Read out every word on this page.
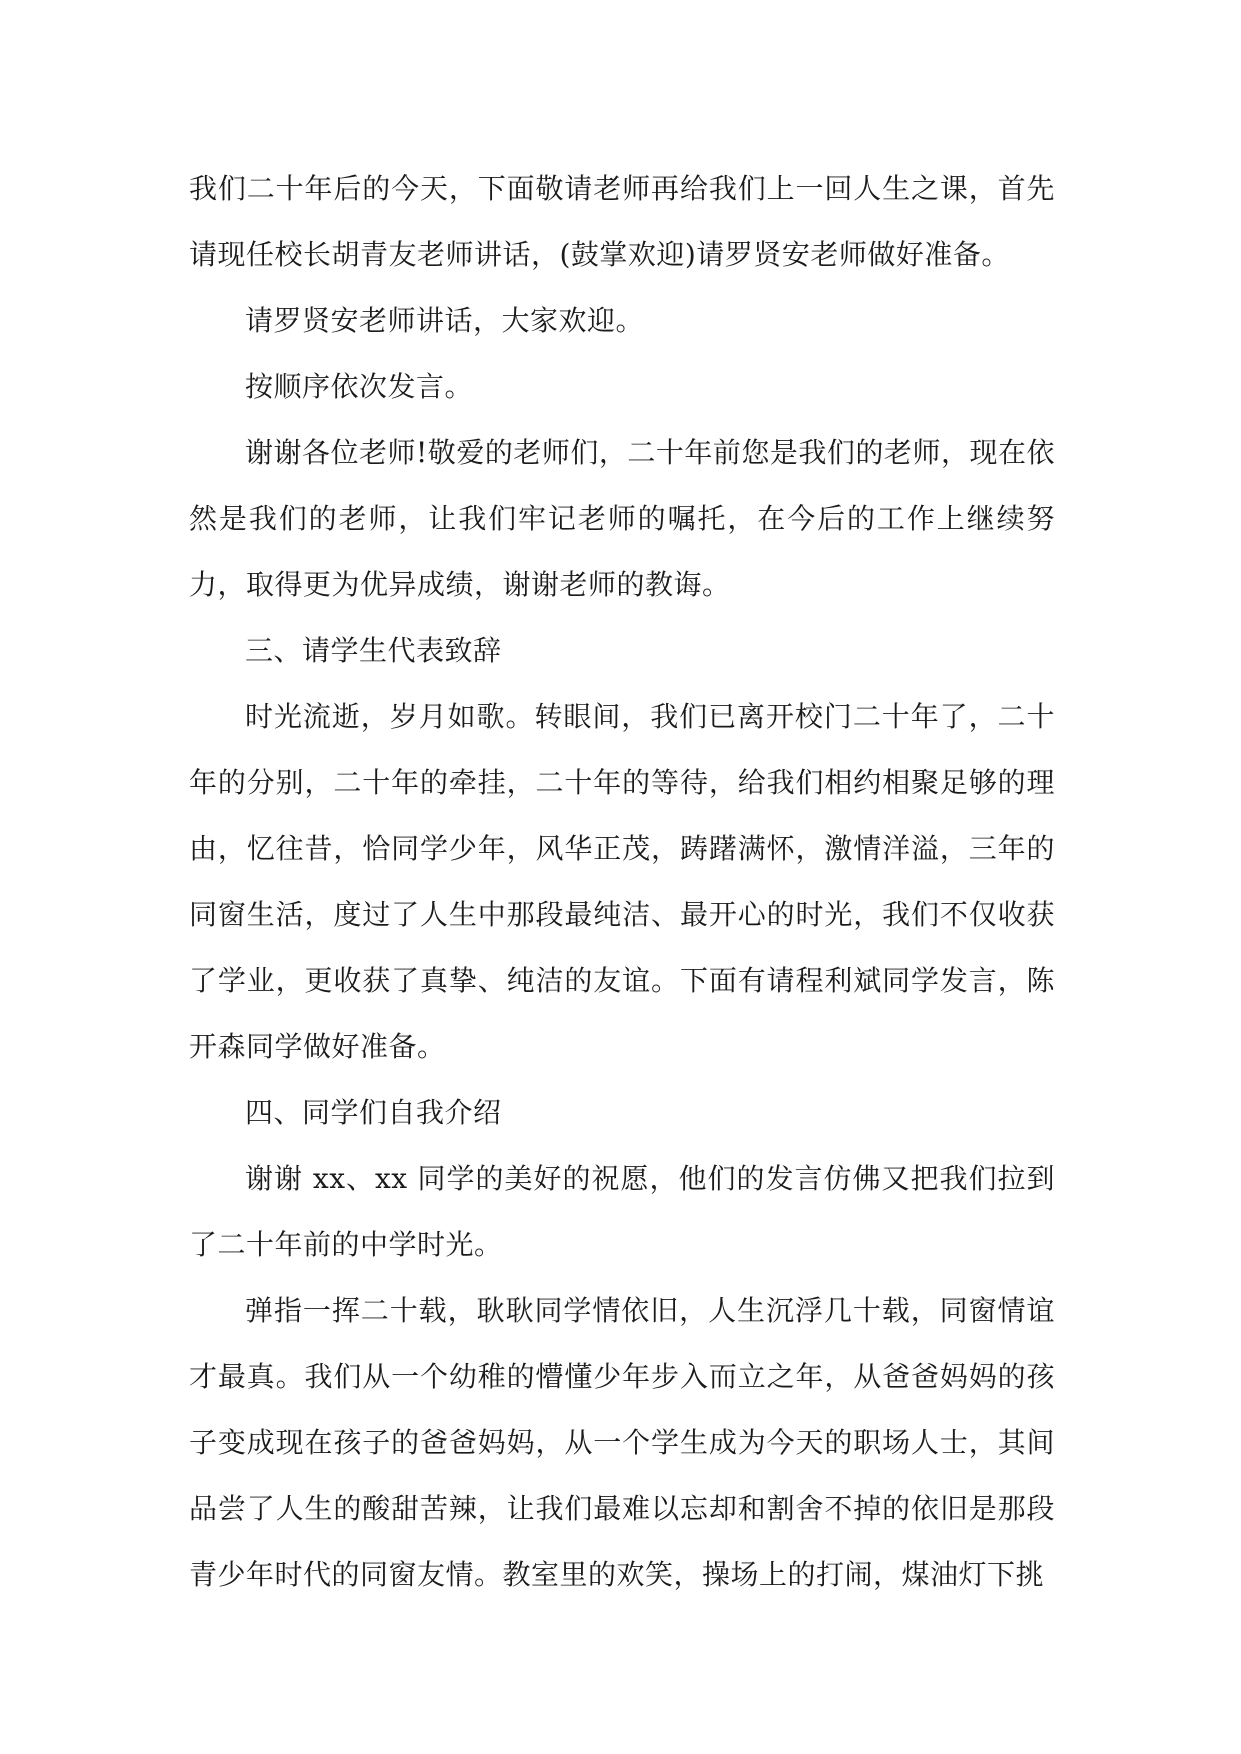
我们二十年后的今天，下面敬请老师再给我们上一回人生之课，首先请现任校长胡青友老师讲话，(鼓掌欢迎)请罗贤安老师做好准备。

请罗贤安老师讲话，大家欢迎。

按顺序依次发言。

谢谢各位老师!敬爱的老师们，二十年前您是我们的老师，现在依然是我们的老师，让我们牢记老师的嘱托，在今后的工作上继续努力，取得更为优异成绩，谢谢老师的教诲。

三、请学生代表致辞

时光流逝，岁月如歌。转眼间，我们已离开校门二十年了，二十年的分别，二十年的牵挂，二十年的等待，给我们相约相聚足够的理由，忆往昔，恰同学少年，风华正茂，踌躇满怀，激情洋溢，三年的同窗生活，度过了人生中那段最纯洁、最开心的时光，我们不仅收获了学业，更收获了真挚、纯洁的友谊。下面有请程利斌同学发言，陈开森同学做好准备。

四、同学们自我介绍

谢谢 xx、xx 同学的美好的祝愿，他们的发言仿佛又把我们拉到了二十年前的中学时光。

弹指一挥二十载，耿耿同学情依旧，人生沉浮几十载，同窗情谊才最真。我们从一个幼稚的懵懂少年步入而立之年，从爸爸妈妈的孩子变成现在孩子的爸爸妈妈，从一个学生成为今天的职场人士，其间品尝了人生的酸甜苦辣，让我们最难以忘却和割舍不掉的依旧是那段青少年时代的同窗友情。教室里的欢笑，操场上的打闹，煤油灯下挑
